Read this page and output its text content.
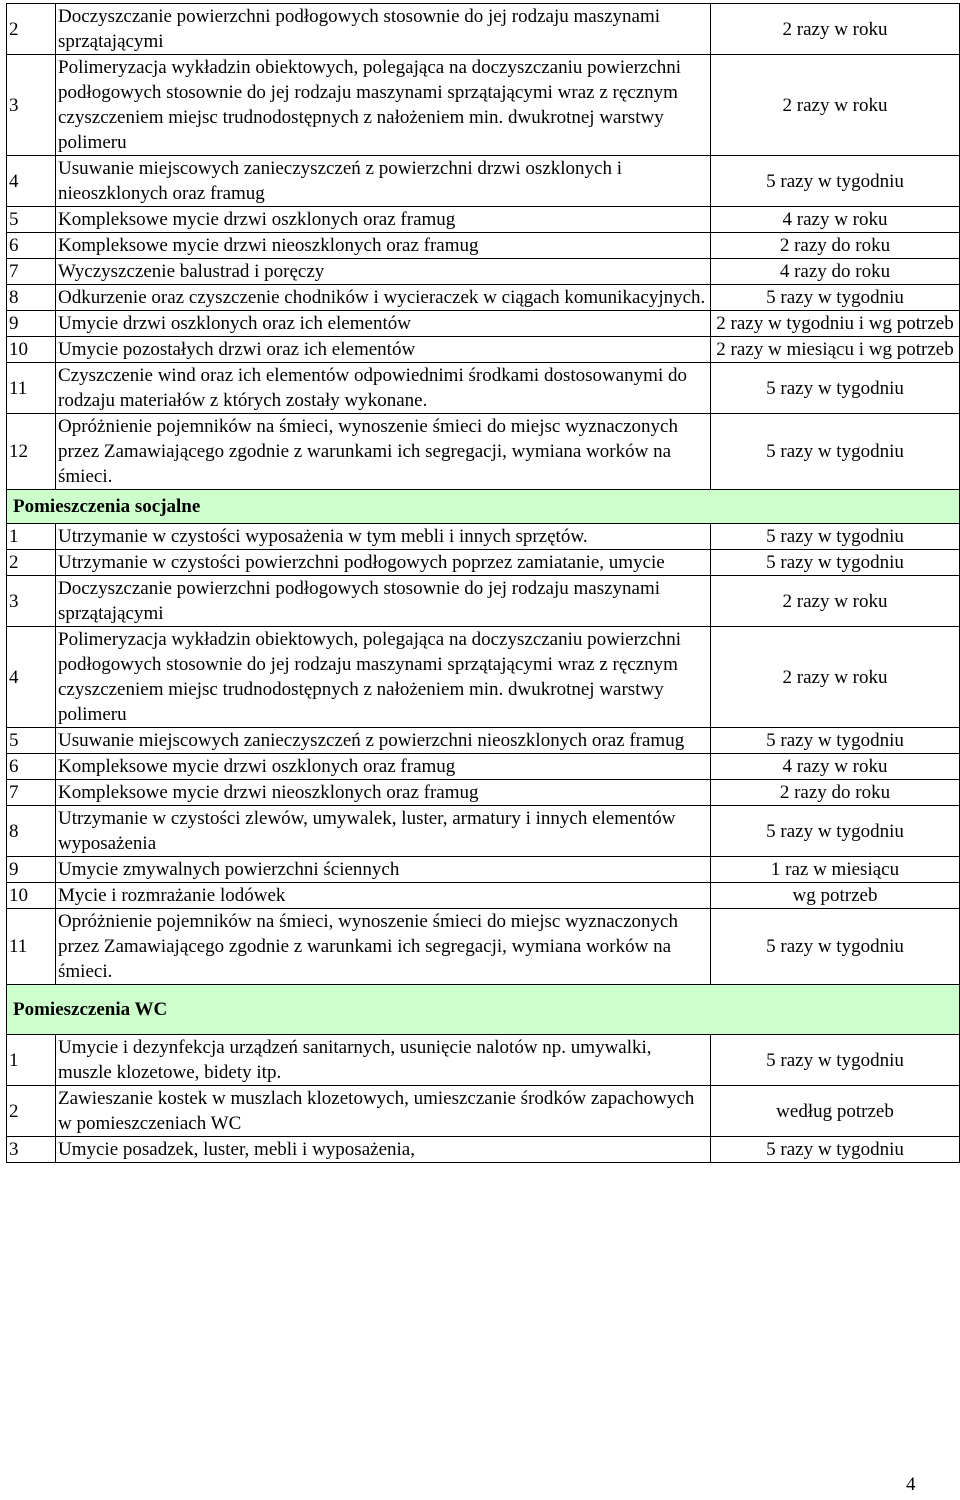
2	Doczyszczanie powierzchni podłogowych stosownie do jej rodzaju maszynami sprzątającymi	2 razy w roku
3	Polimeryzacja wykładzin obiektowych, polegająca na doczyszczaniu powierzchni podłogowych stosownie do jej rodzaju maszynami sprzątającymi wraz z ręcznym czyszczeniem miejsc trudnodostępnych z nałożeniem min. dwukrotnej warstwy polimeru	2 razy w roku
4	Usuwanie miejscowych zanieczyszczeń z powierzchni drzwi oszklonych i nieoszklonych oraz framug	5 razy w tygodniu
5	Kompleksowe mycie drzwi oszklonych oraz framug	4 razy w roku
6	Kompleksowe mycie drzwi nieoszklonych oraz framug	2 razy do roku
7	Wyczyszczenie balustrad i poręczy	4 razy do roku
8	Odkurzenie oraz czyszczenie chodników i wycieraczek w ciągach komunikacyjnych.	5 razy w tygodniu
9	Umycie drzwi oszklonych oraz ich elementów	2 razy w tygodniu i wg potrzeb
10	Umycie pozostałych drzwi oraz ich elementów	2 razy w miesiącu i wg potrzeb
11	Czyszczenie wind oraz ich elementów odpowiednimi środkami dostosowanymi do rodzaju materiałów z których zostały wykonane.	5 razy w tygodniu
12	Opróżnienie pojemników na śmieci, wynoszenie śmieci do miejsc wyznaczonych przez Zamawiającego zgodnie z warunkami ich segregacji, wymiana worków na śmieci.	5 razy w tygodniu

Pomieszczenia socjalne		

1	Utrzymanie w czystości wyposażenia w tym mebli i innych sprzętów.	5 razy w tygodniu
2	Utrzymanie w czystości powierzchni podłogowych poprzez zamiatanie, umycie	5 razy w tygodniu
3	Doczyszczanie powierzchni podłogowych stosownie do jej rodzaju maszynami sprzątającymi	2 razy w roku
4	Polimeryzacja wykładzin obiektowych, polegająca na doczyszczaniu powierzchni podłogowych stosownie do jej rodzaju maszynami sprzątającymi wraz z ręcznym czyszczeniem miejsc trudnodostępnych z nałożeniem min. dwukrotnej warstwy polimeru	2 razy w roku
5	Usuwanie miejscowych zanieczyszczeń z powierzchni nieoszklonych oraz framug	5 razy w tygodniu
6	Kompleksowe mycie drzwi oszklonych oraz framug	4 razy w roku
7	Kompleksowe mycie drzwi nieoszklonych oraz framug	2 razy do roku
8	Utrzymanie w czystości zlewów, umywalek, luster, armatury i innych elementów wyposażenia	5 razy w tygodniu
9	Umycie zmywalnych powierzchni ściennych	1 raz w miesiącu
10	Mycie i rozmrażanie lodówek	wg potrzeb
11	Opróżnienie pojemników na śmieci, wynoszenie śmieci do miejsc wyznaczonych przez Zamawiającego zgodnie z warunkami ich segregacji, wymiana worków na śmieci.	5 razy w tygodniu

Pomieszczenia WC		

1	Umycie i dezynfekcja urządzeń sanitarnych, usunięcie nalotów np. umywalki, muszle klozetowe, bidety itp.	5 razy w tygodniu
2	Zawieszanie kostek w muszlach klozetowych, umieszczanie środków zapachowych w pomieszczeniach WC	według potrzeb
3	Umycie posadzek, luster, mebli i wyposażenia,	5 razy w tygodniu
4
